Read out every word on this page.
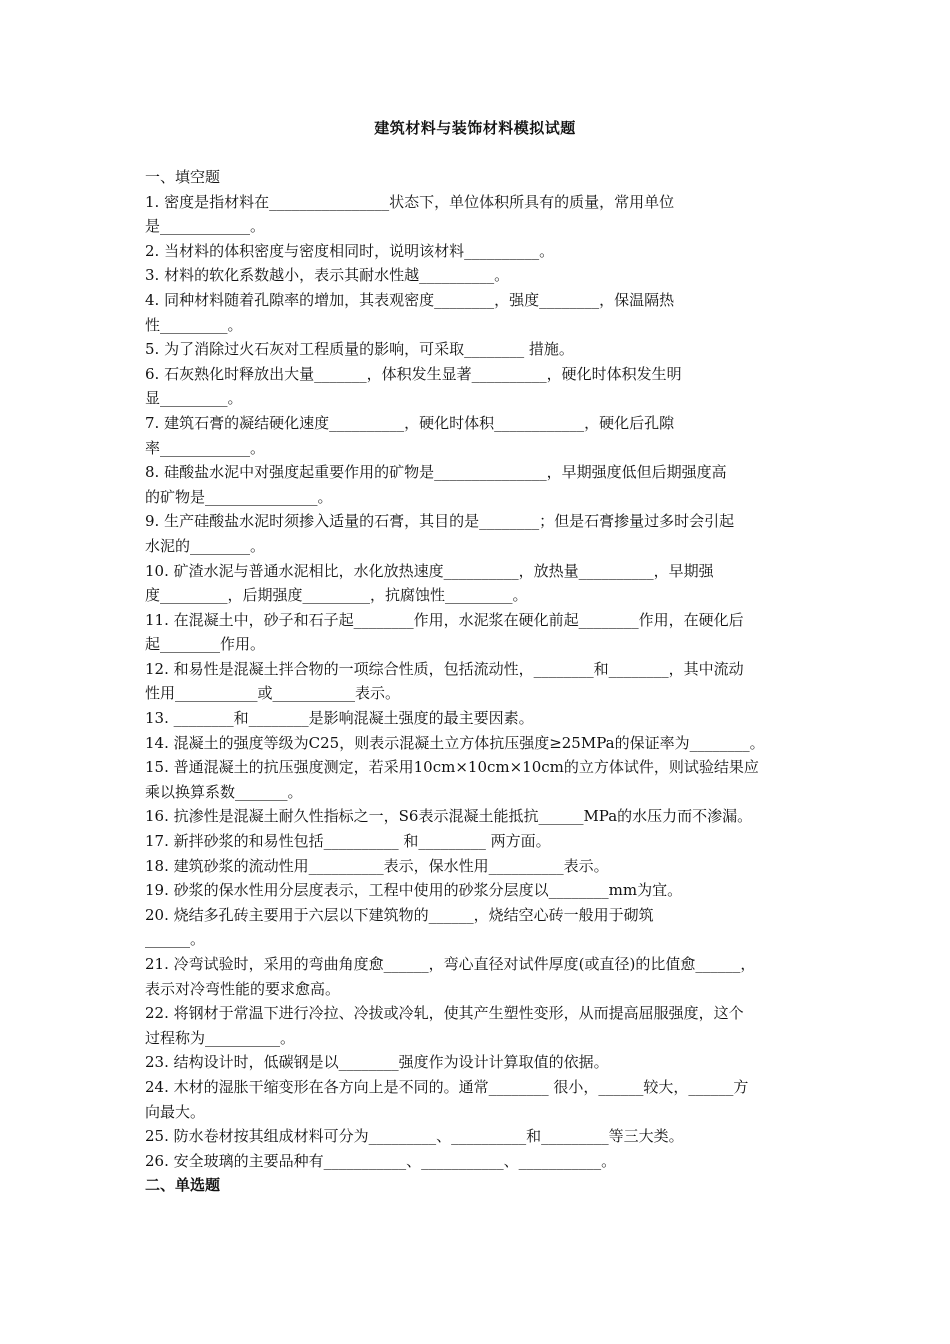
建筑材料与装饰材料模拟试题
一、填空题
1. 密度是指材料在________________状态下，单位体积所具有的质量，常用单位
是____________。
2. 当材料的体积密度与密度相同时，说明该材料__________。
3. 材料的软化系数越小，表示其耐水性越__________。
4. 同种材料随着孔隙率的增加，其表观密度________，强度________，保温隔热
性_________。
5. 为了消除过火石灰对工程质量的影响，可采取________ 措施。
6. 石灰熟化时释放出大量_______，体积发生显著__________，硬化时体积发生明
显_________。
7. 建筑石膏的凝结硬化速度__________，硬化时体积____________，硬化后孔隙
率____________。
8. 硅酸盐水泥中对强度起重要作用的矿物是_______________，早期强度低但后期强度高
的矿物是_______________。
9. 生产硅酸盐水泥时须掺入适量的石膏，其目的是________；但是石膏掺量过多时会引起
水泥的________。
10. 矿渣水泥与普通水泥相比，水化放热速度__________，放热量__________，早期强
度_________，后期强度_________，抗腐蚀性_________。
11. 在混凝土中，砂子和石子起________作用，水泥浆在硬化前起________作用，在硬化后
起________作用。
12. 和易性是混凝土拌合物的一项综合性质，包括流动性，________和________，其中流动
性用___________或___________表示。
13. ________和________是影响混凝土强度的最主要因素。
14. 混凝土的强度等级为C25，则表示混凝土立方体抗压强度≥25MPa的保证率为________。
15. 普通混凝土的抗压强度测定，若采用10cm×10cm×10cm的立方体试件，则试验结果应
乘以换算系数_______。
16. 抗渗性是混凝土耐久性指标之一，S6表示混凝土能抵抗______MPa的水压力而不渗漏。
17. 新拌砂浆的和易性包括__________ 和_________ 两方面。
18. 建筑砂浆的流动性用__________表示，保水性用__________表示。
19. 砂浆的保水性用分层度表示，工程中使用的砂浆分层度以________mm为宜。
20. 烧结多孔砖主要用于六层以下建筑物的______，烧结空心砖一般用于砌筑
______。
21. 冷弯试验时，采用的弯曲角度愈______，弯心直径对试件厚度(或直径)的比值愈______，
表示对冷弯性能的要求愈高。
22. 将钢材于常温下进行冷拉、冷拔或冷轧，使其产生塑性变形，从而提高屈服强度，这个
过程称为__________。
23. 结构设计时，低碳钢是以________强度作为设计计算取值的依据。
24. 木材的湿胀干缩变形在各方向上是不同的。通常________ 很小，______较大，______方
向最大。
25. 防水卷材按其组成材料可分为_________、__________和_________等三大类。
26. 安全玻璃的主要品种有___________、___________、___________。
二、单选题
